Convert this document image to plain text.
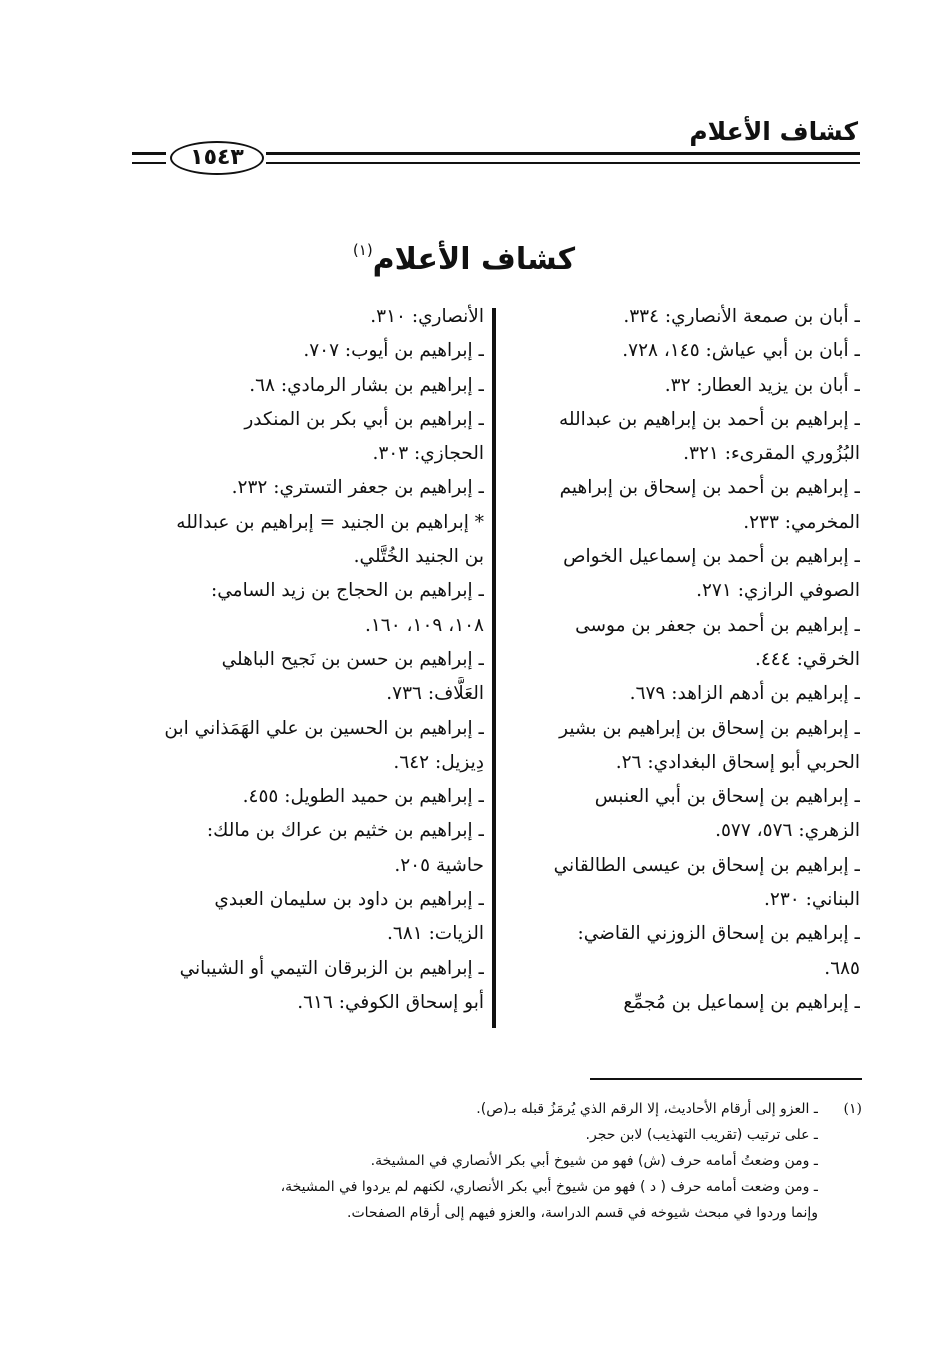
كشاف الأعلام
١٥٤٣
كشاف الأعلام$^{(١)}$
ـ أبان بن صمعة الأنصاري: ٣٣٤.
ـ أبان بن أبي عياش: ١٤٥، ٧٢٨.
ـ أبان بن يزيد العطار: ٣٢.
ـ إبراهيم بن أحمد بن إبراهيم بن عبدالله
البُزُوري المقرىء: ٣٢١.
ـ إبراهيم بن أحمد بن إسحاق بن إبراهيم
المخرمي: ٢٣٣.
ـ إبراهيم بن أحمد بن إسماعيل الخواص
الصوفي الرازي: ٢٧١.
ـ إبراهيم بن أحمد بن جعفر بن موسى
الخرقي: ٤٤٤.
ـ إبراهيم بن أدهم الزاهد: ٦٧٩.
ـ إبراهيم بن إسحاق بن إبراهيم بن بشير
الحربي أبو إسحاق البغدادي: ٢٦.
ـ إبراهيم بن إسحاق بن أبي العنبس
الزهري: ٥٧٦، ٥٧٧.
ـ إبراهيم بن إسحاق بن عيسى الطالقاني
البناني: ٢٣٠.
ـ إبراهيم بن إسحاق الزوزني القاضي:
٦٨٥.
ـ إبراهيم بن إسماعيل بن مُجمِّع
الأنصاري: ٣١٠.
ـ إبراهيم بن أيوب: ٧٠٧.
ـ إبراهيم بن بشار الرمادي: ٦٨.
ـ إبراهيم بن أبي بكر بن المنكدر
الحجازي: ٣٠٣.
ـ إبراهيم بن جعفر التستري: ٢٣٢.
* إبراهيم بن الجنيد = إبراهيم بن عبدالله
بن الجنيد الخُتَّلي.
ـ إبراهيم بن الحجاج بن زيد السامي:
١٠٨، ١٠٩، ١٦٠.
ـ إبراهيم بن حسن بن نَجيح الباهلي
العَلَّاف: ٧٣٦.
ـ إبراهيم بن الحسين بن علي الهَمَذاني ابن
دِيزيل: ٦٤٢.
ـ إبراهيم بن حميد الطويل: ٤٥٥.
ـ إبراهيم بن خثيم بن عراك بن مالك:
حاشية ٢٠٥.
ـ إبراهيم بن داود بن سليمان العبدي
الزيات: ٦٨١.
ـ إبراهيم بن الزبرقان التيمي أو الشيباني
أبو إسحاق الكوفي: ٦١٦.
(١)
ـ العزو إلى أرقام الأحاديث، إلا الرقم الذي يُرمَزُ قبله بـ(ص).
ـ على ترتيب (تقريب التهذيب) لابن حجر.
ـ ومن وضعتُ أمامه حرف (ش) فهو من شيوخ أبي بكر الأنصاري في المشيخة.
ـ ومن وضعت أمامه حرف ( د ) فهو من شيوخ أبي بكر الأنصاري، لكنهم لم يردوا في المشيخة،
وإنما وردوا في مبحث شيوخه في قسم الدراسة، والعزو فيهم إلى أرقام الصفحات.
